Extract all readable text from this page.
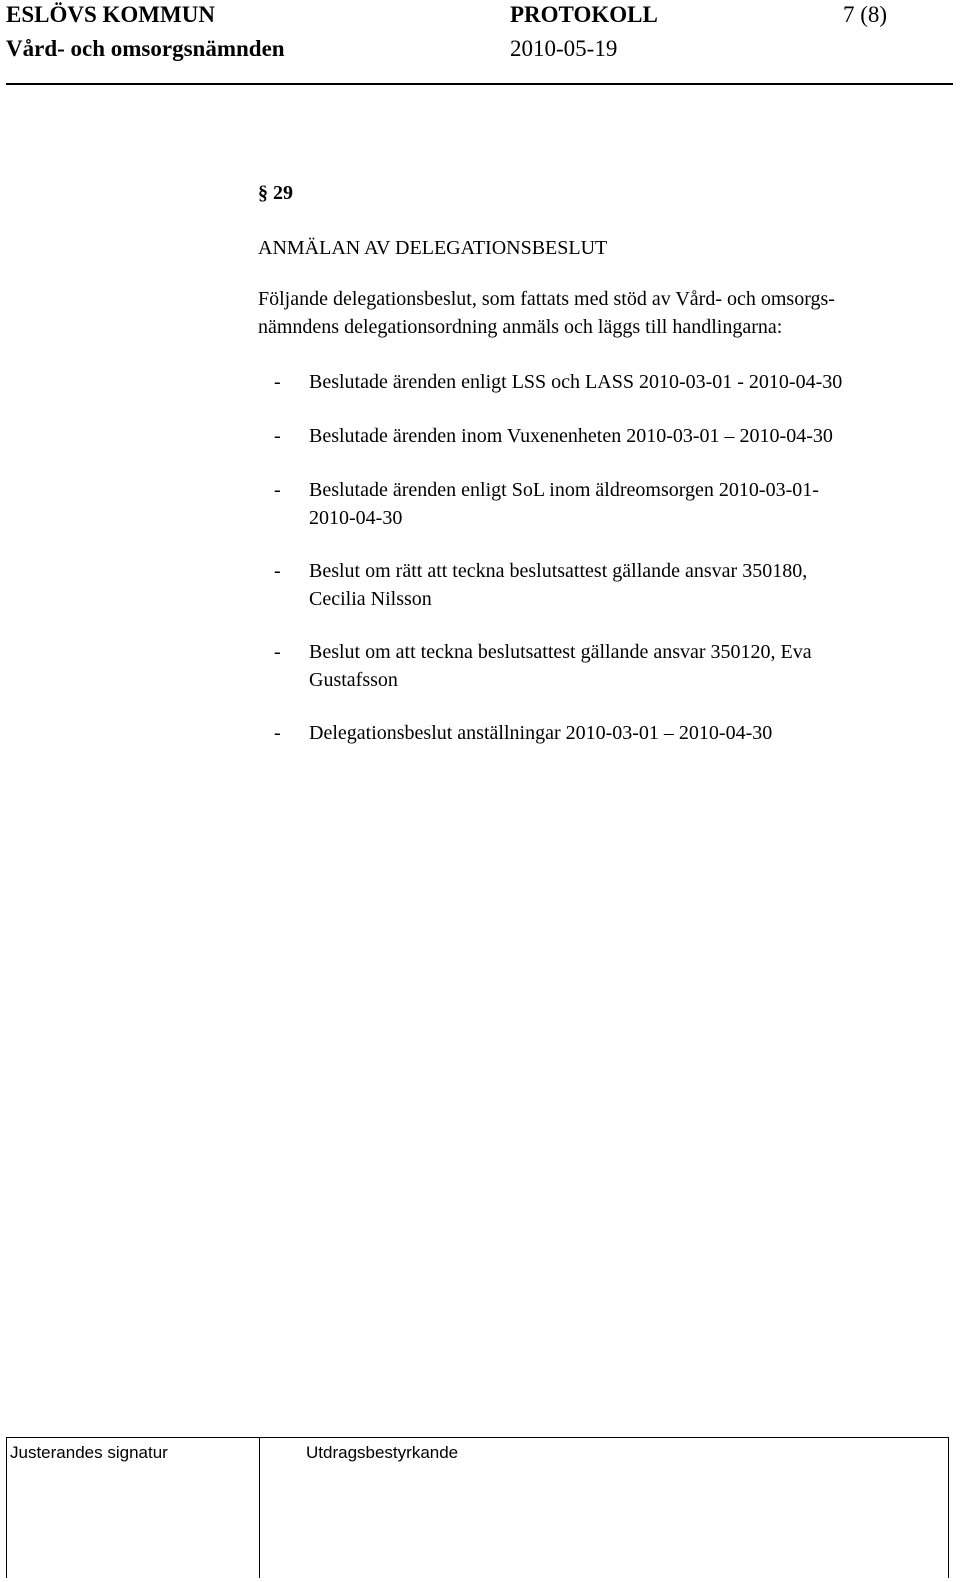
ESLÖVS KOMMUN
Vård- och omsorgsnämnden
PROTOKOLL
2010-05-19
7 (8)
§ 29
ANMÄLAN AV DELEGATIONSBESLUT

Följande delegationsbeslut, som fattats med stöd av Vård- och omsorgs-

nämndens delegationsordning anmäls och läggs till handlingarna:

- Beslutade ärenden enligt LSS och LASS 2010-03-01 - 2010-04-30
- Beslutade ärenden inom Vuxenenheten 2010-03-01 – 2010-04-30
- Beslutade ärenden enligt SoL inom äldreomsorgen 2010-03-01-
2010-04-30
- Beslut om rätt att teckna beslutsattest gällande ansvar 350180,
Cecilia Nilsson
- Beslut om att teckna beslutsattest gällande ansvar 350120, Eva
Gustafsson
- Delegationsbeslut anställningar 2010-03-01 – 2010-04-30
Justerandes signatur	Utdragsbestyrkande
